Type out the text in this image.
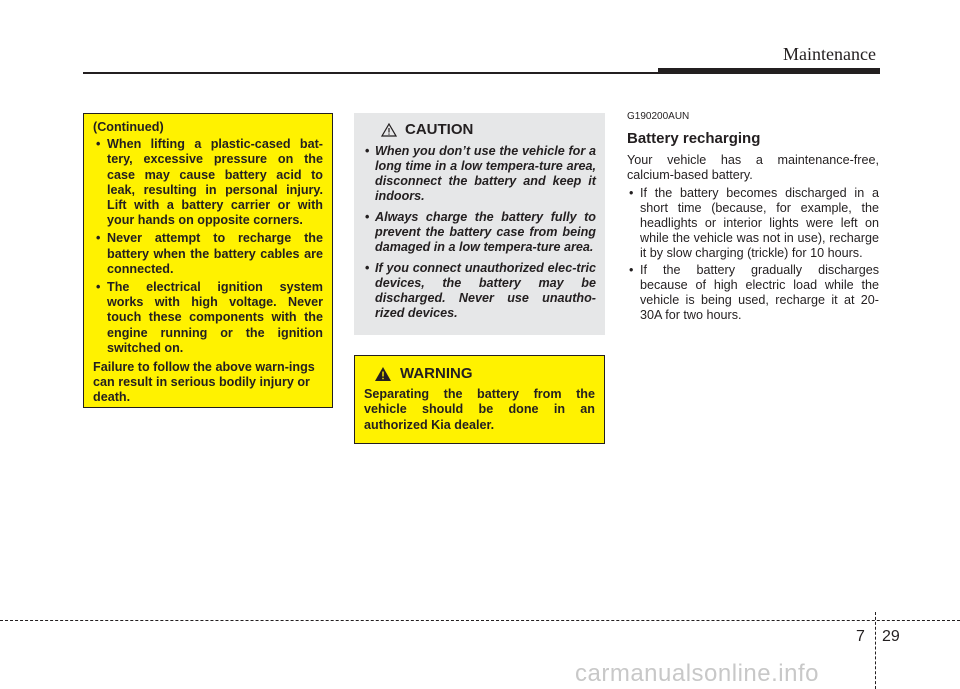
Maintenance

(Continued)

• When lifting a plastic-cased bat-tery, excessive pressure on the case may cause battery acid to leak, resulting in personal injury. Lift with a battery carrier or with your hands on opposite corners.
• Never attempt to recharge the battery when the battery cables are connected.
• The electrical ignition system works with high voltage. Never touch these components with the engine running or the ignition switched on.

Failure to follow the above warn-ings can result in serious bodily injury or death.

CAUTION
• When you don’t use the vehicle for a long time in a low tempera-ture area, disconnect the battery and keep it indoors.
• Always charge the battery fully to prevent the battery case from being damaged in a low tempera-ture area.
• If you connect unauthorized elec-tric devices, the battery may be discharged. Never use unautho-rized devices.
WARNING

Separating the battery from the vehicle should be done in an authorized Kia dealer.

G190200AUN

Battery recharging

Your vehicle has a maintenance-free, calcium-based battery.

• If the battery becomes discharged in a short time (because, for example, the headlights or interior lights were left on while the vehicle was not in use), recharge it by slow charging (trickle) for 10 hours.
• If the battery gradually discharges because of high electric load while the vehicle is being used, recharge it at 20-30A for two hours.
7 29
carmanualsonline.info
